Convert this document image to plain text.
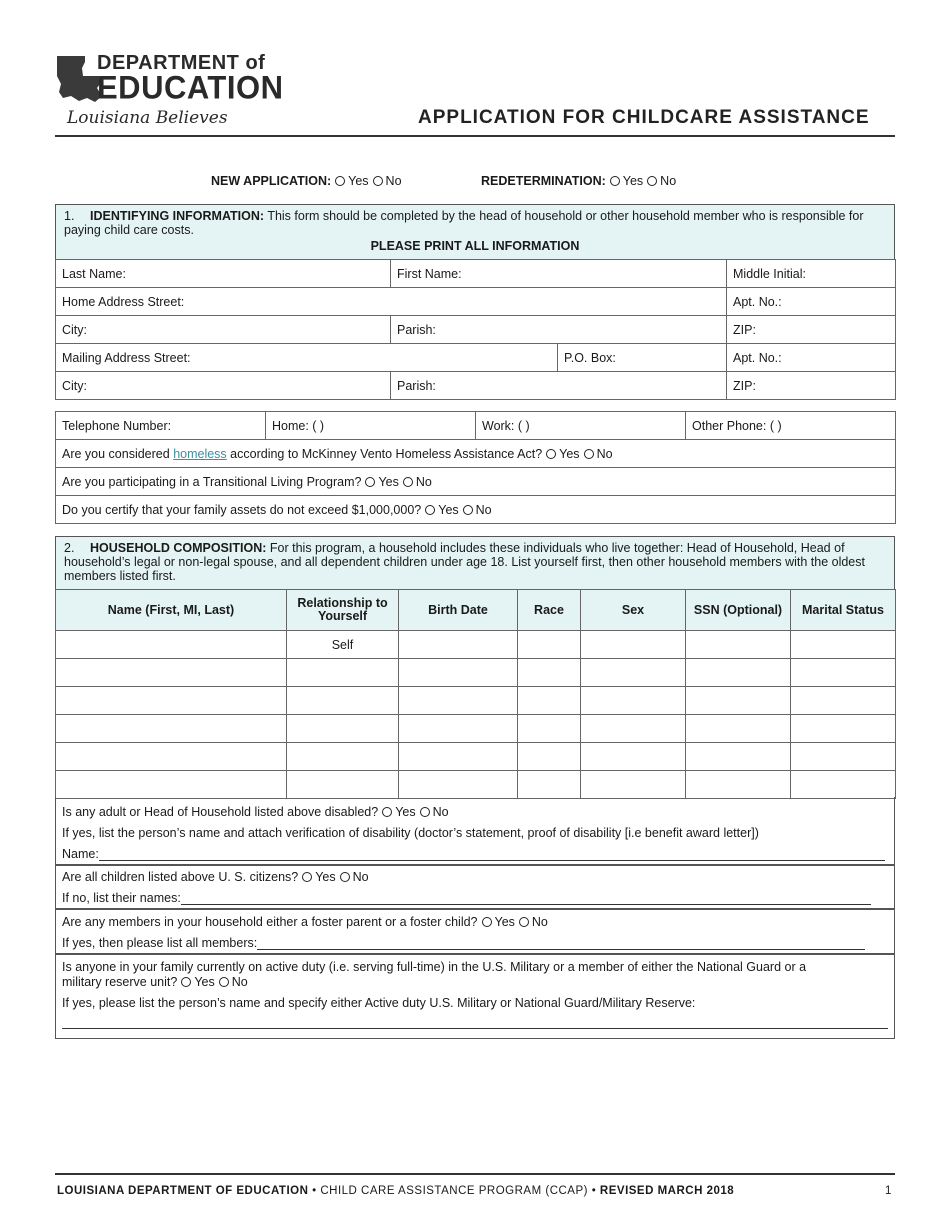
DEPARTMENT of
EDUCATION
Louisiana Believes	APPLICATION FOR CHILDCARE ASSISTANCE
NEW APPLICATION: Yes No	REDETERMINATION: Yes No
1. IDENTIFYING INFORMATION: This form should be completed by the head of household or other household member who is responsible for paying child care costs.
PLEASE PRINT ALL INFORMATION
Last Name:	First Name:		Middle Initial:
Home Address Street:			Apt. No.:
City:	Parish:		ZIP:
Mailing Address Street:		P.O. Box:	Apt. No.:
City:	Parish:		ZIP:
Telephone Number:	Home: ( )	Work: ( )	Other Phone: ( )
Are you considered homeless according to McKinney Vento Homeless Assistance Act? Yes No
Are you participating in a Transitional Living Program? Yes No
Do you certify that your family assets do not exceed $1,000,000? Yes No
2. HOUSEHOLD COMPOSITION: For this program, a household includes these individuals who live together: Head of Household, Head of household’s legal or non-legal spouse, and all dependent children under age 18. List yourself first, then other household members with the oldest members listed first.
Name (First, MI, Last)	Relationship to Yourself	Birth Date	Race	Sex	SSN (Optional)	Marital Status
	Self					

Is any adult or Head of Household listed above disabled? Yes No
If yes, list the person’s name and attach verification of disability (doctor’s statement, proof of disability [i.e benefit award letter])
Name:
Are all children listed above U. S. citizens? Yes No
If no, list their names:
Are any members in your household either a foster parent or a foster child? Yes No
If yes, then please list all members:
Is anyone in your family currently on active duty (i.e. serving full-time) in the U.S. Military or a member of either the National Guard or a
military reserve unit? Yes No
If yes, please list the person’s name and specify either Active duty U.S. Military or National Guard/Military Reserve:
LOUISIANA DEPARTMENT OF EDUCATION • CHILD CARE ASSISTANCE PROGRAM (CCAP) • REVISED MARCH 2018	1
